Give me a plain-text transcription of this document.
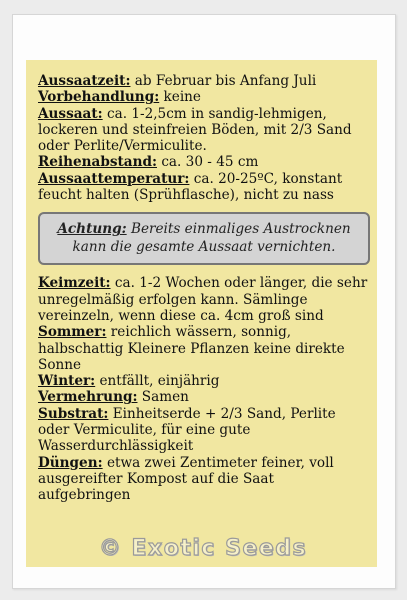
Aussaatzeit: ab Februar bis Anfang Juli

Vorbehandlung: keine

Aussaat: ca. 1-2,5cm in sandig-lehmigen, lockeren und steinfreien Böden, mit 2/3 Sand oder Perlite/Vermiculite.

Reihenabstand: ca. 30 - 45 cm

Aussaattemperatur: ca. 20-25ºC, konstant feucht halten (Sprühflasche), nicht zu nass

Achtung: Bereits einmaliges Austrocknen kann die gesamte Aussaat vernichten.

Keimzeit: ca. 1-2 Wochen oder länger, die sehr unregelmäßig erfolgen kann. Sämlinge vereinzeln, wenn diese ca. 4cm groß sind

Sommer: reichlich wässern, sonnig, halbschattig Kleinere Pflanzen keine direkte Sonne

Winter: entfällt, einjährig

Vermehrung: Samen

Substrat: Einheitserde + 2/3 Sand, Perlite oder Vermiculite, für eine gute Wasserdurchlässigkeit

Düngen: etwa zwei Zentimeter feiner, voll ausgereifter Kompost auf die Saat aufgebringen

© Exotic Seeds
